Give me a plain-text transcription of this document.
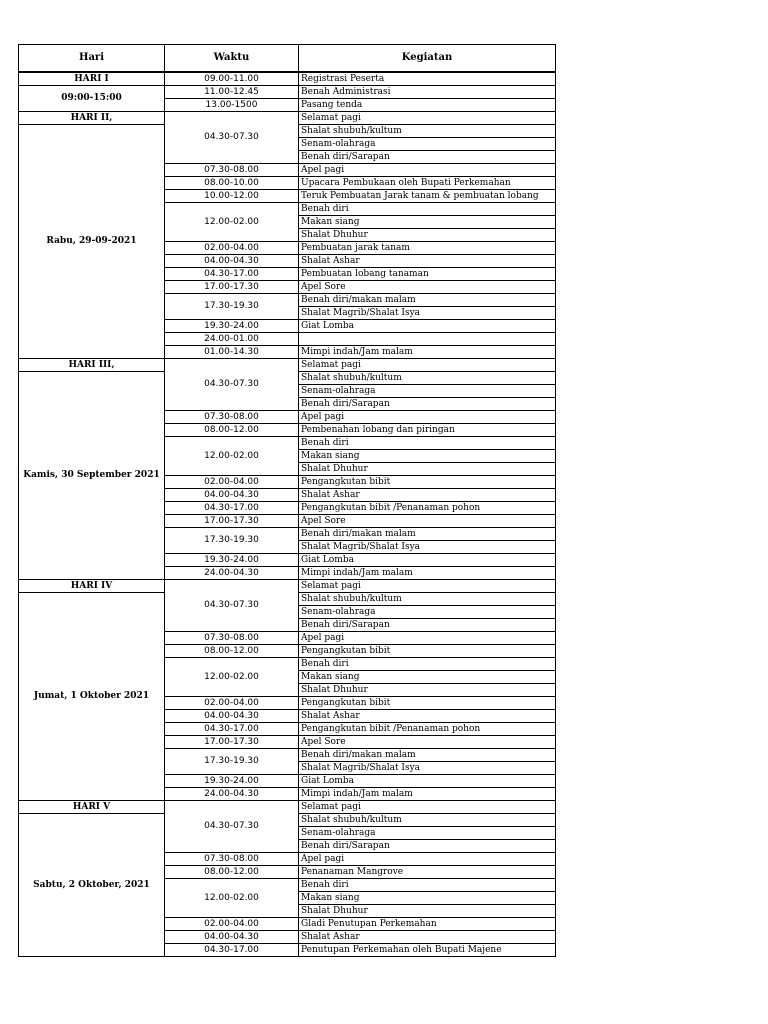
Hari	Waktu	Kegiatan
HARI I	09.00-11.00	Registrasi Peserta
09:00-15:00	11.00-12.45	Benah Administrasi
	13.00-1500	Pasang tenda
HARI II,	04.30-07.30	Selamat pagi
Rabu, 29-09-2021		Shalat shubuh/kultum
		Senam-olahraga
		Benah diri/Sarapan
	07.30-08.00	Apel pagi
	08.00-10.00	Upacara Pembukaan oleh Bupati Perkemahan
	10.00-12.00	Teruk Pembuatan Jarak tanam & pembuatan lobang
	12.00-02.00	Benah diri
		Makan siang
		Shalat Dhuhur
	02.00-04.00	Pembuatan jarak tanam
	04.00-04.30	Shalat Ashar
	04.30-17.00	Pembuatan lobang tanaman
	17.00-17.30	Apel Sore
	17.30-19.30	Benah diri/makan malam
		Shalat Magrib/Shalat Isya
	19.30-24.00	Giat Lomba
	24.00-01.00	
	01.00-14.30	Mimpi indah/Jam malam
HARI III,	04.30-07.30	Selamat pagi
Kamis, 30 September 2021		Shalat shubuh/kultum
		Senam-olahraga
		Benah diri/Sarapan
	07.30-08.00	Apel pagi
	08.00-12.00	Pembenahan lobang dan piringan
	12.00-02.00	Benah diri
		Makan siang
		Shalat Dhuhur
	02.00-04.00	Pengangkutan bibit
	04.00-04.30	Shalat Ashar
	04.30-17.00	Pengangkutan bibit /Penanaman pohon
	17.00-17.30	Apel Sore
	17.30-19.30	Benah diri/makan malam
		Shalat Magrib/Shalat Isya
	19.30-24.00	Giat Lomba
	24.00-04.30	Mimpi indah/Jam malam
HARI IV	04.30-07.30	Selamat pagi
Jumat, 1 Oktober 2021		Shalat shubuh/kultum
		Senam-olahraga
		Benah diri/Sarapan
	07.30-08.00	Apel pagi
	08.00-12.00	Pengangkutan bibit
	12.00-02.00	Benah diri
		Makan siang
		Shalat Dhuhur
	02.00-04.00	Pengangkutan bibit
	04.00-04.30	Shalat Ashar
	04.30-17.00	Pengangkutan bibit /Penanaman pohon
	17.00-17.30	Apel Sore
	17.30-19.30	Benah diri/makan malam
		Shalat Magrib/Shalat Isya
	19.30-24.00	Giat Lomba
	24.00-04.30	Mimpi indah/Jam malam
HARI V	04.30-07.30	Selamat pagi
Sabtu, 2 Oktober, 2021		Shalat shubuh/kultum
		Senam-olahraga
		Benah diri/Sarapan
	07.30-08.00	Apel pagi
	08.00-12.00	Penanaman Mangrove
	12.00-02.00	Benah diri
		Makan siang
		Shalat Dhuhur
	02.00-04.00	Gladi Penutupan Perkemahan
	04.00-04.30	Shalat Ashar
	04.30-17.00	Penutupan Perkemahan oleh Bupati Majene
